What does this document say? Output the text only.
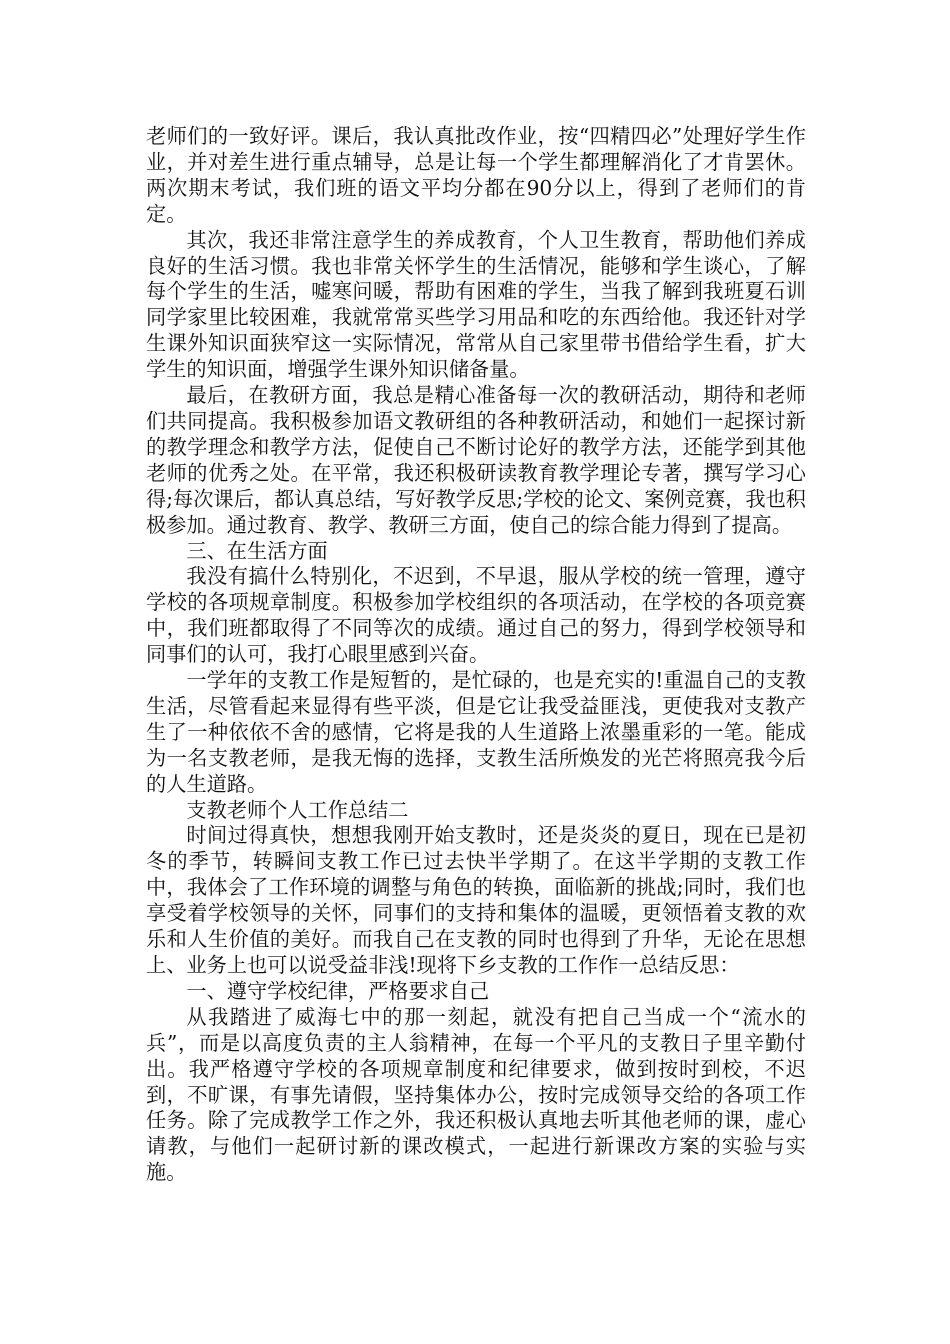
老师们的一致好评。课后，我认真批改作业，按“四精四必”处理好学生作业，并对差生进行重点辅导，总是让每一个学生都理解消化了才肯罢休。两次期末考试，我们班的语文平均分都在90分以上，得到了老师们的肯定。

其次，我还非常注意学生的养成教育，个人卫生教育，帮助他们养成良好的生活习惯。我也非常关怀学生的生活情况，能够和学生谈心，了解每个学生的生活，嘘寒问暖，帮助有困难的学生，当我了解到我班夏石训同学家里比较困难，我就常常买些学习用品和吃的东西给他。我还针对学生课外知识面狭窄这一实际情况，常常从自己家里带书借给学生看，扩大学生的知识面，增强学生课外知识储备量。

最后，在教研方面，我总是精心准备每一次的教研活动，期待和老师们共同提高。我积极参加语文教研组的各种教研活动，和她们一起探讨新的教学理念和教学方法，促使自己不断讨论好的教学方法，还能学到其他老师的优秀之处。在平常，我还积极研读教育教学理论专著，撰写学习心得;每次课后，都认真总结，写好教学反思;学校的论文、案例竞赛，我也积极参加。通过教育、教学、教研三方面，使自己的综合能力得到了提高。

三、在生活方面

我没有搞什么特别化，不迟到，不早退，服从学校的统一管理，遵守学校的各项规章制度。积极参加学校组织的各项活动，在学校的各项竞赛中，我们班都取得了不同等次的成绩。通过自己的努力，得到学校领导和同事们的认可，我打心眼里感到兴奋。

一学年的支教工作是短暂的，是忙碌的，也是充实的!重温自己的支教生活，尽管看起来显得有些平淡，但是它让我受益匪浅，更使我对支教产生了一种依依不舍的感情，它将是我的人生道路上浓墨重彩的一笔。能成为一名支教老师，是我无悔的选择，支教生活所焕发的光芒将照亮我今后的人生道路。

支教老师个人工作总结二

时间过得真快，想想我刚开始支教时，还是炎炎的夏日，现在已是初冬的季节，转瞬间支教工作已过去快半学期了。在这半学期的支教工作中，我体会了工作环境的调整与角色的转换，面临新的挑战;同时，我们也享受着学校领导的关怀，同事们的支持和集体的温暖，更领悟着支教的欢乐和人生价值的美好。而我自己在支教的同时也得到了升华，无论在思想上、业务上也可以说受益非浅!现将下乡支教的工作作一总结反思：

一、遵守学校纪律，严格要求自己

从我踏进了威海七中的那一刻起，就没有把自己当成一个“流水的兵”，而是以高度负责的主人翁精神，在每一个平凡的支教日子里辛勤付出。我严格遵守学校的各项规章制度和纪律要求，做到按时到校，不迟到，不旷课，有事先请假，坚持集体办公，按时完成领导交给的各项工作任务。除了完成教学工作之外，我还积极认真地去听其他老师的课，虚心请教，与他们一起研讨新的课改模式，一起进行新课改方案的实验与实施。
